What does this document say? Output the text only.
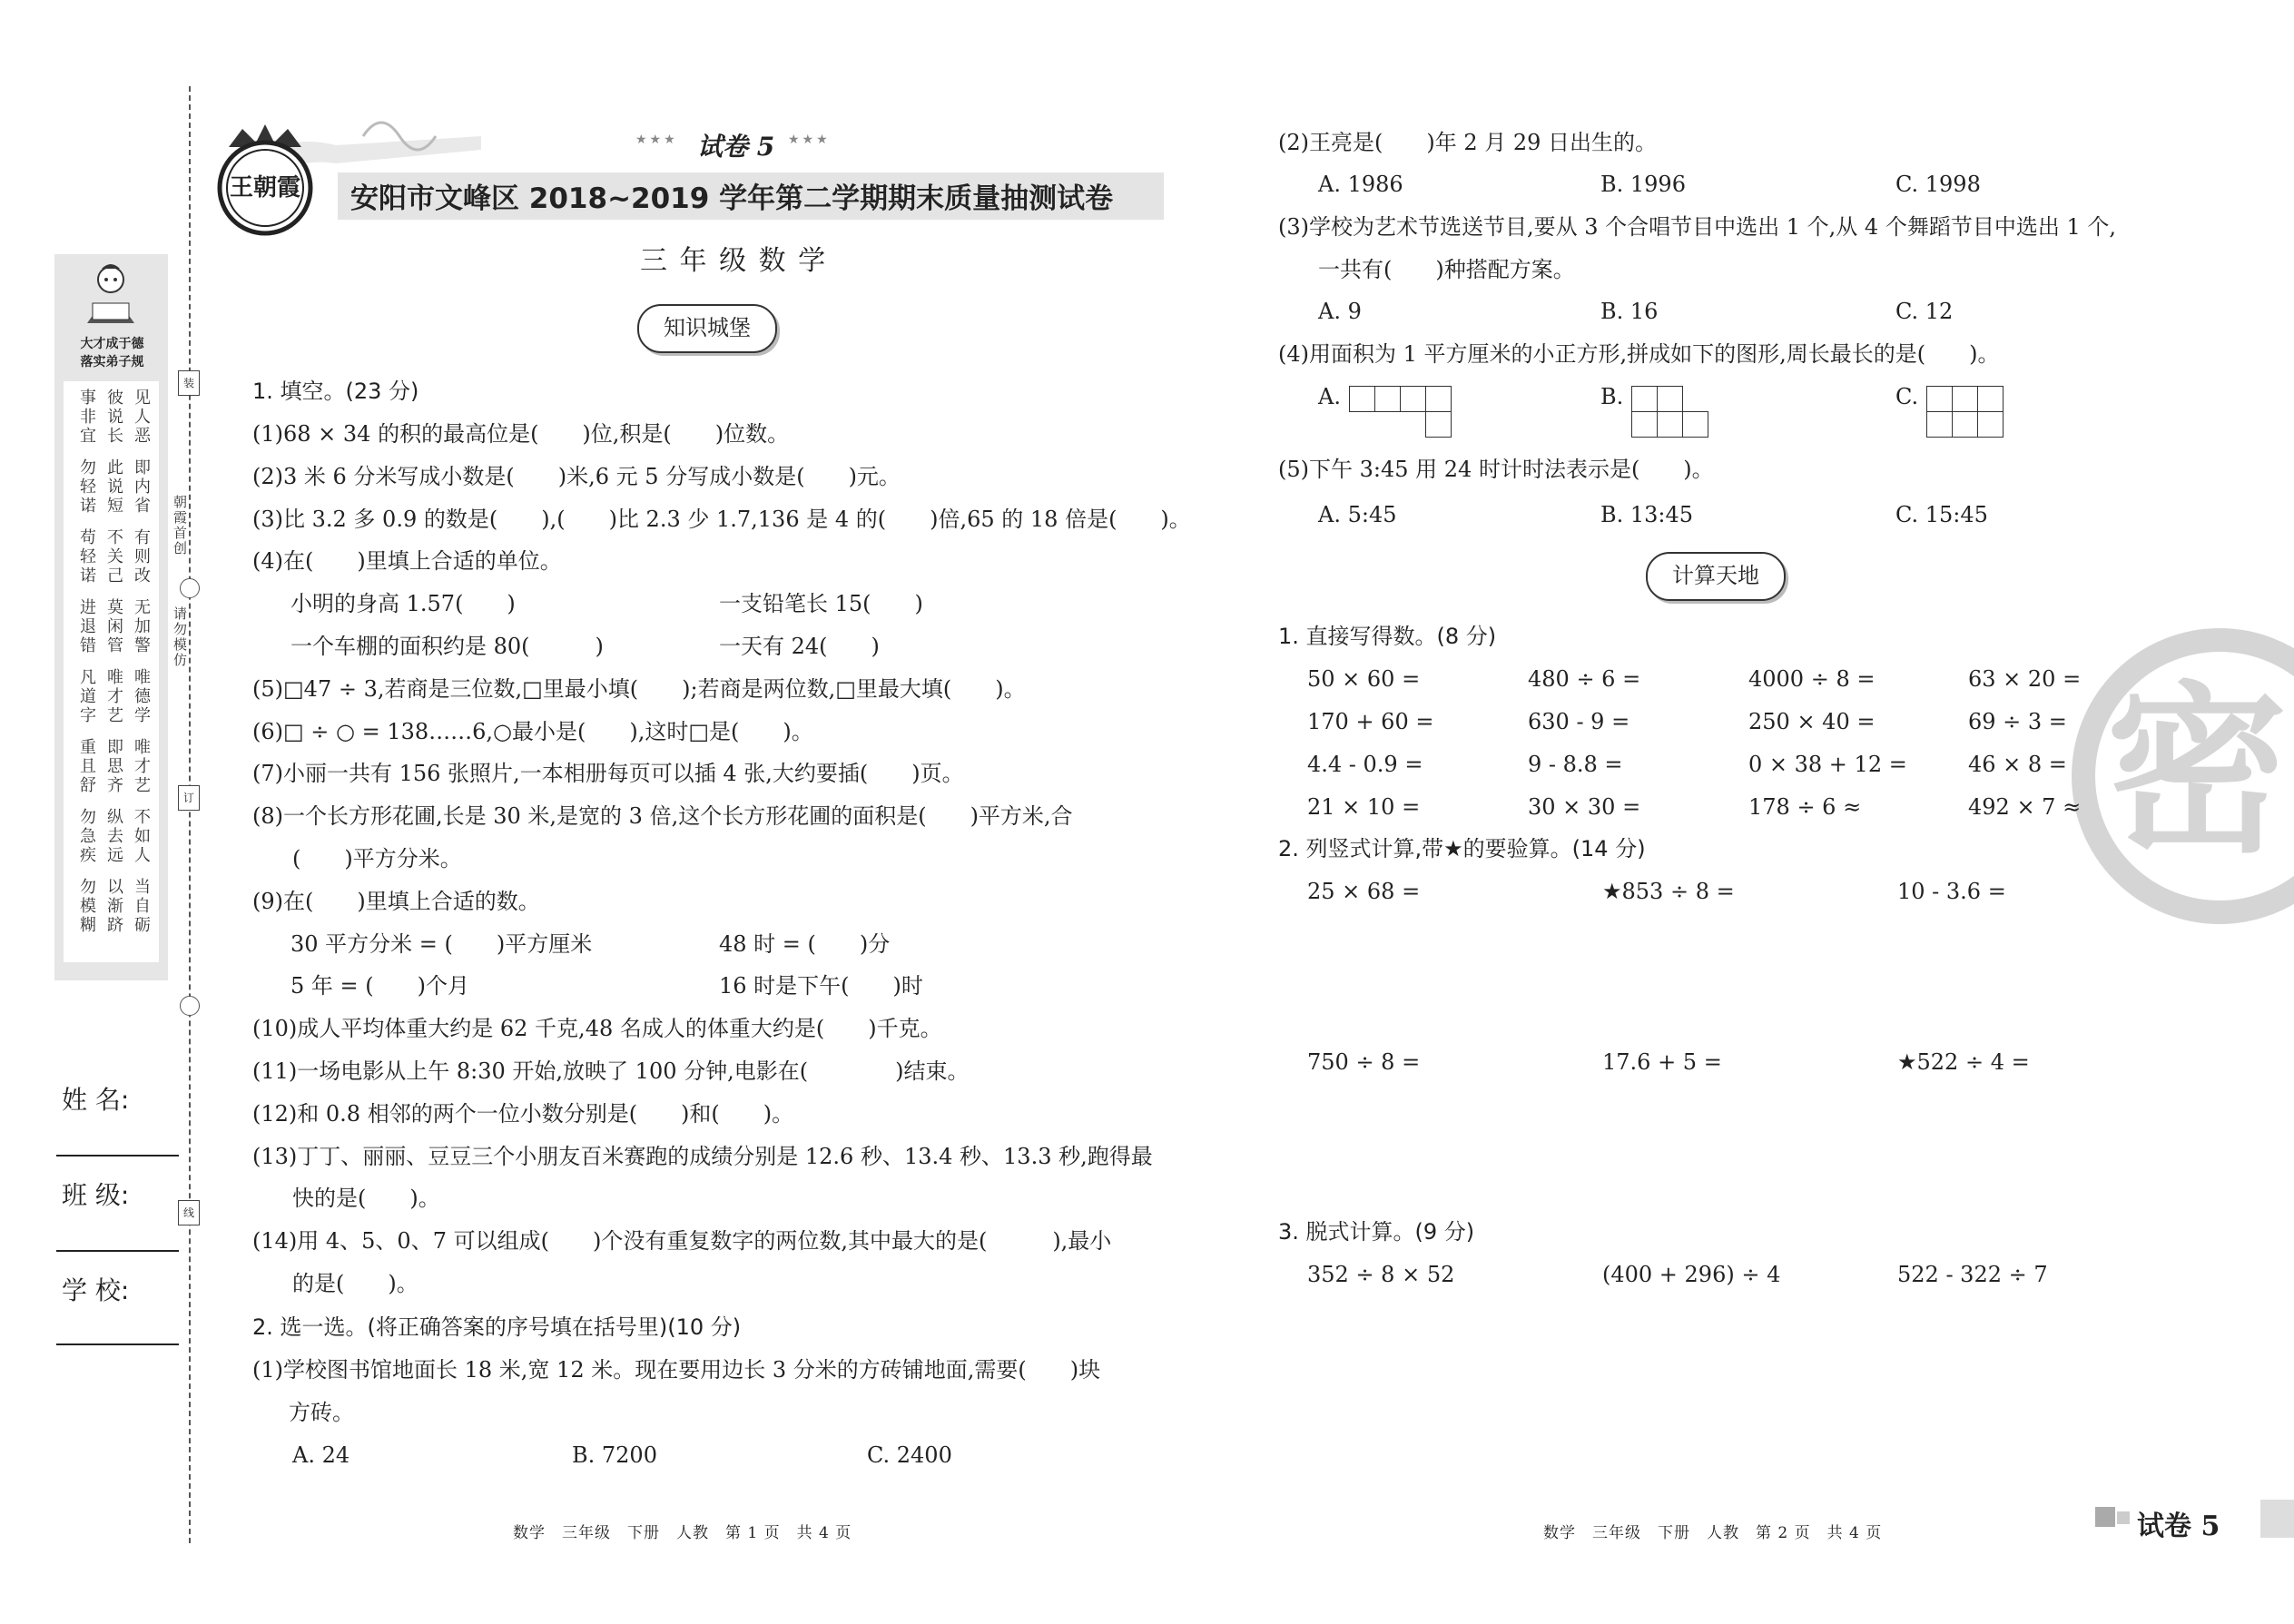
装
订
线
朝霞首创
请勿模仿
大才成于德
落实弟子规
见人恶
彼说长
事非宜
即内省
此说短
勿轻诺
有则改
不关己
苟轻诺
无加警
莫闲管
进退错
唯德学
唯才艺
凡道字
唯才艺
即思齐
重且舒
不如人
纵去远
勿急疾
当自砺
以渐跻
勿模糊
姓 名:
班 级:
学 校:
王朝霞
★★★ 试卷 5 ★★★
安阳市文峰区 2018~2019 学年第二学期期末质量抽测试卷
三 年 级 数 学
知识城堡
1. 填空。(23 分)
(1)68 × 34 的积的最高位是(　　)位,积是(　　)位数。
(2)3 米 6 分米写成小数是(　　)米,6 元 5 分写成小数是(　　)元。
(3)比 3.2 多 0.9 的数是(　　),(　　)比 2.3 少 1.7,136 是 4 的(　　)倍,65 的 18 倍是(　　)。
(4)在(　　)里填上合适的单位。
小明的身高 1.57(　　)	一支铅笔长 15(　　)
一个车棚的面积约是 80(　　　)	一天有 24(　　)
(5)□47 ÷ 3,若商是三位数,□里最小填(　　);若商是两位数,□里最大填(　　)。
(6)□ ÷ ○ = 138……6,○最小是(　　),这时□是(　　)。
(7)小丽一共有 156 张照片,一本相册每页可以插 4 张,大约要插(　　)页。
(8)一个长方形花圃,长是 30 米,是宽的 3 倍,这个长方形花圃的面积是(　　)平方米,合
(　　)平方分米。
(9)在(　　)里填上合适的数。
30 平方分米 = (　　)平方厘米	48 时 = (　　)分
5 年 = (　　)个月	16 时是下午(　　)时
(10)成人平均体重大约是 62 千克,48 名成人的体重大约是(　　)千克。
(11)一场电影从上午 8:30 开始,放映了 100 分钟,电影在(　　　　)结束。
(12)和 0.8 相邻的两个一位小数分别是(　　)和(　　)。
(13)丁丁、丽丽、豆豆三个小朋友百米赛跑的成绩分别是 12.6 秒、13.4 秒、13.3 秒,跑得最
快的是(　　)。
(14)用 4、5、0、7 可以组成(　　)个没有重复数字的两位数,其中最大的是(　　　),最小
的是(　　)。
2. 选一选。(将正确答案的序号填在括号里)(10 分)
(1)学校图书馆地面长 18 米,宽 12 米。现在要用边长 3 分米的方砖铺地面,需要(　　)块
方砖。
A. 24	B. 7200	C. 2400
密
(2)王亮是(　　)年 2 月 29 日出生的。
A. 1986	B. 1996	C. 1998
(3)学校为艺术节选送节目,要从 3 个合唱节目中选出 1 个,从 4 个舞蹈节目中选出 1 个,
一共有(　　)种搭配方案。
A. 9	B. 16	C. 12
(4)用面积为 1 平方厘米的小正方形,拼成如下的图形,周长最长的是(　　)。
A.	B.	C.
(5)下午 3:45 用 24 时计时法表示是(　　)。
A. 5:45	B. 13:45	C. 15:45
计算天地
1. 直接写得数。(8 分)
50 × 60 =	480 ÷ 6 =	4000 ÷ 8 =	63 × 20 =
170 + 60 =	630 - 9 =	250 × 40 =	69 ÷ 3 =
4.4 - 0.9 =	9 - 8.8 =	0 × 38 + 12 =	46 × 8 =
21 × 10 =	30 × 30 =	178 ÷ 6 ≈	492 × 7 ≈
2. 列竖式计算,带★的要验算。(14 分)
25 × 68 =	★853 ÷ 8 =	10 - 3.6 =
750 ÷ 8 =	17.6 + 5 =	★522 ÷ 4 =
3. 脱式计算。(9 分)
352 ÷ 8 × 52	(400 + 296) ÷ 4	522 - 322 ÷ 7
数学　三年级　下册　人教　第 1 页　共 4 页	数学　三年级　下册　人教　第 2 页　共 4 页	试卷 5
